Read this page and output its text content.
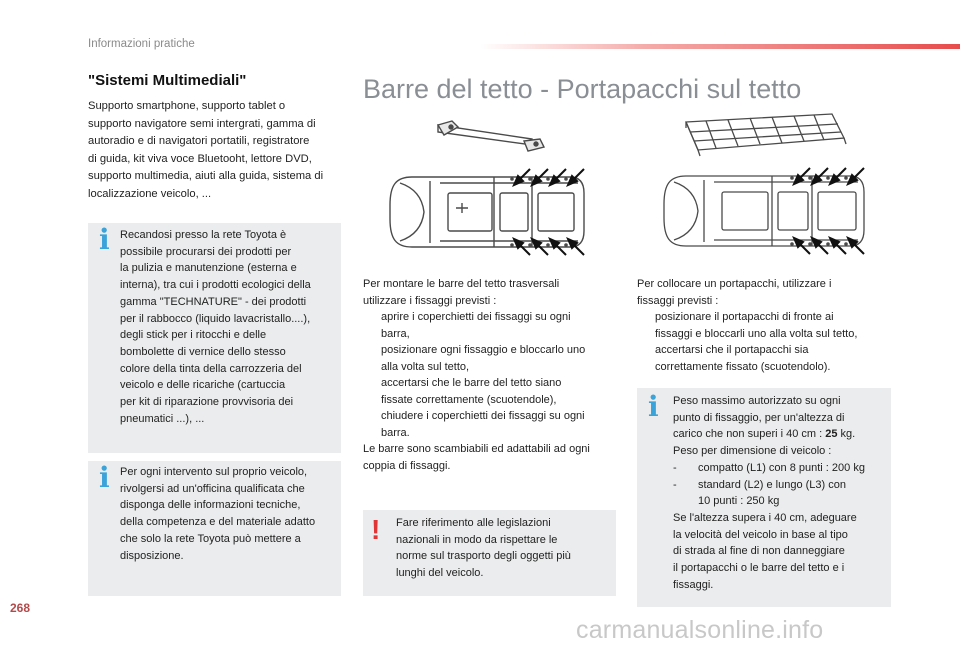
Informazioni pratiche
"Sistemi Multimediali"
Supporto smartphone, supporto tablet o
supporto navigatore semi intergrati, gamma di
autoradio e di navigatori portatili, registratore
di guida, kit viva voce Bluetooht, lettore DVD,
supporto multimedia, aiuti alla guida, sistema di
localizzazione veicolo, ...
i Recandosi presso la rete Toyota è
possibile procurarsi dei prodotti per
la pulizia e manutenzione (esterna e
interna), tra cui i prodotti ecologici della
gamma "TECHNATURE" - dei prodotti
per il rabbocco (liquido lavacristallo....),
degli stick per i ritocchi e delle
bombolette di vernice dello stesso
colore della tinta della carrozzeria del
veicolo e delle ricariche (cartuccia
per kit di riparazione provvisoria dei
pneumatici ...), ...
i Per ogni intervento sul proprio veicolo,
rivolgersi ad un'officina qualificata che
disponga delle informazioni tecniche,
della competenza e del materiale adatto
che solo la rete Toyota può mettere a
disposizione.
Barre del tetto - Portapacchi sul tetto
Per montare le barre del tetto trasversali
utilizzare i fissaggi previsti :
aprire i coperchietti dei fissaggi su ogni
barra,
posizionare ogni fissaggio e bloccarlo uno
alla volta sul tetto,
accertarsi che le barre del tetto siano
fissate correttamente (scuotendole),
chiudere i coperchietti dei fissaggi su ogni
barra.
Le barre sono scambiabili ed adattabili ad ogni
coppia di fissaggi.
! Fare riferimento alle legislazioni
nazionali in modo da rispettare le
norme sul trasporto degli oggetti più
lunghi del veicolo.
Per collocare un portapacchi, utilizzare i
fissaggi previsti :
posizionare il portapacchi di fronte ai
fissaggi e bloccarli uno alla volta sul tetto,
accertarsi che il portapacchi sia
correttamente fissato (scuotendolo).
i Peso massimo autorizzato su ogni
punto di fissaggio, per un'altezza di
carico che non superi i 40 cm : 25 kg.
Peso per dimensione di veicolo :
-	compatto (L1) con 8 punti : 200 kg
-	standard (L2) e lungo (L3) con
10 punti : 250 kg
Se l'altezza supera i 40 cm, adeguare
la velocità del veicolo in base al tipo
di strada al fine di non danneggiare
il portapacchi o le barre del tetto e i
fissaggi.
268
carmanualsonline.info
